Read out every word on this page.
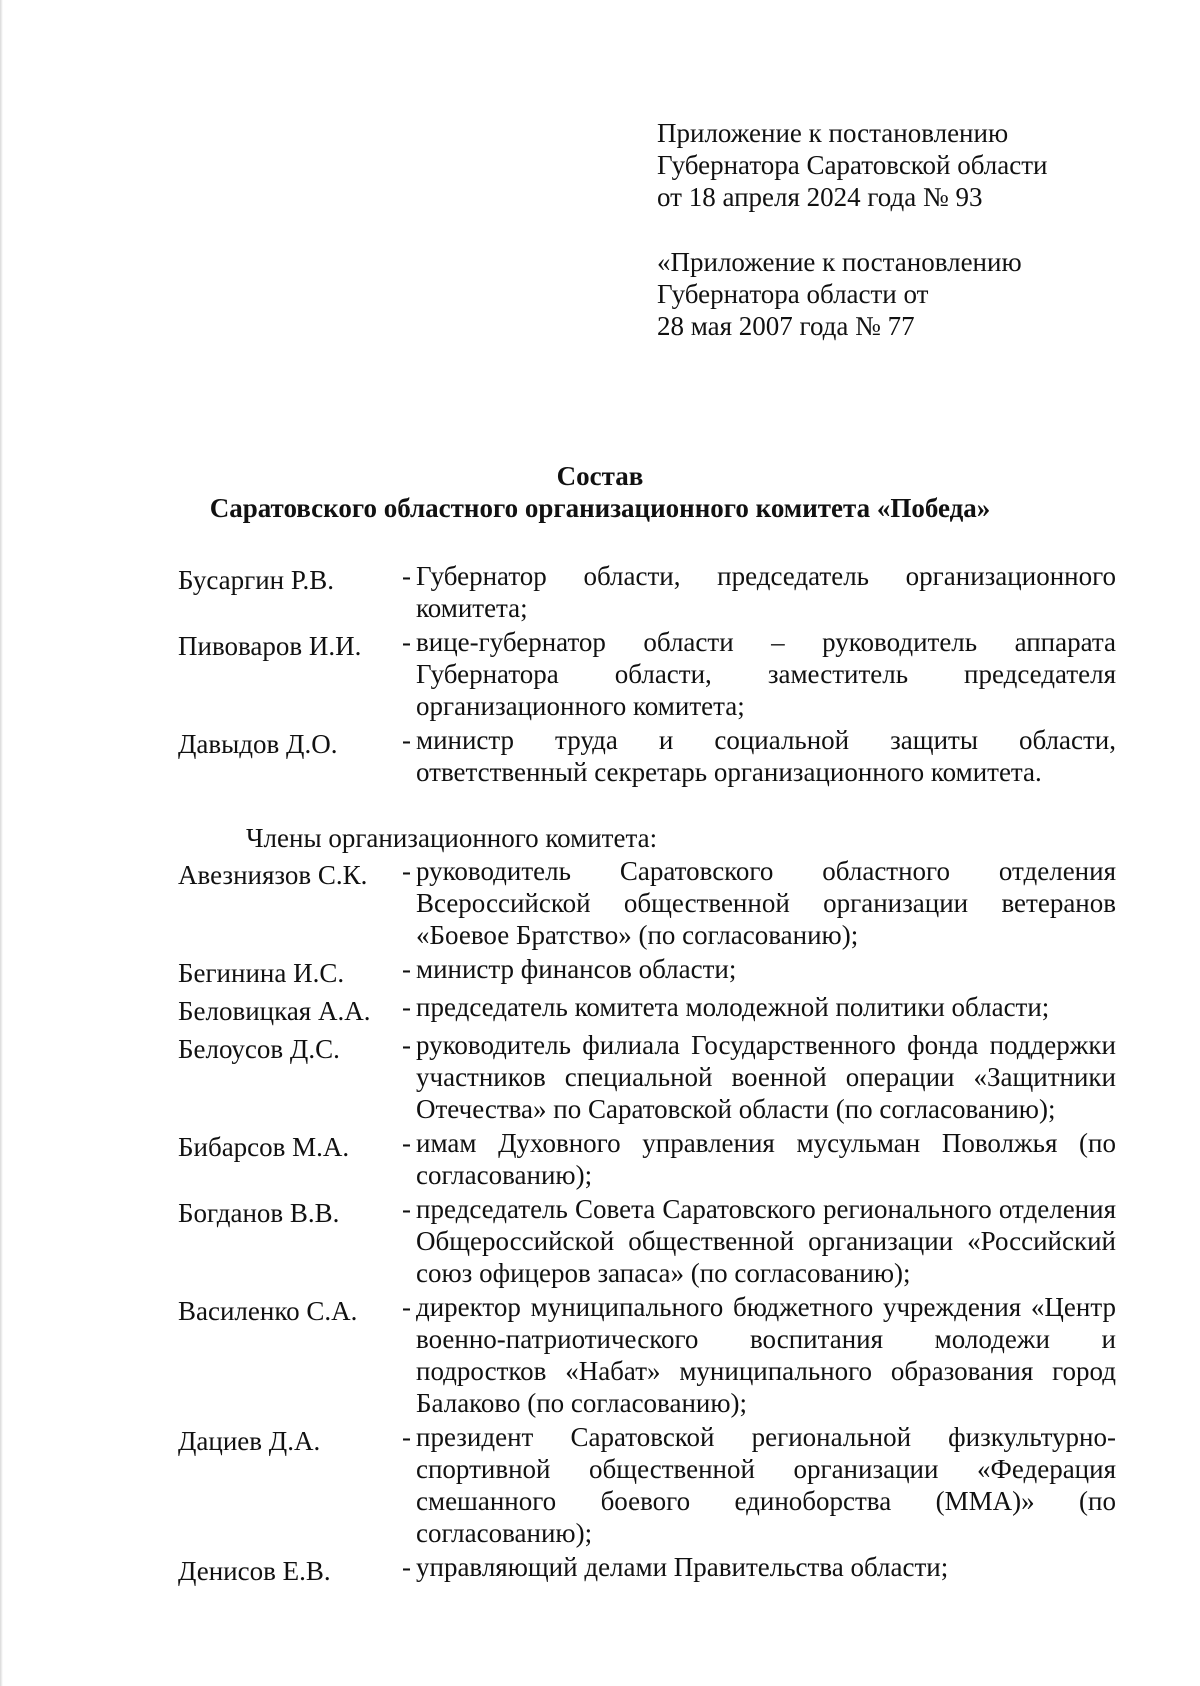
Приложение к постановлению
Губернатора Саратовской области
от 18 апреля 2024 года № 93
«Приложение к постановлению
Губернатора области от
28 мая 2007 года № 77
Состав
Саратовского областного организационного комитета «Победа»
Бусаргин Р.В.	- Губернатор области, председатель организационного комитета;
Пивоваров И.И.	- вице-губернатор области – руководитель аппарата Губернатора области, заместитель председателя организационного комитета;
Давыдов Д.О.	- министр труда и социальной защиты области, ответственный секретарь организационного комитета.
Члены организационного комитета:
Авезниязов С.К.	- руководитель Саратовского областного отделения Всероссийской общественной организации ветеранов «Боевое Братство» (по согласованию);
Бегинина И.С.	- министр финансов области;
Беловицкая А.А.	- председатель комитета молодежной политики области;
Белоусов Д.С.	- руководитель филиала Государственного фонда поддержки участников специальной военной операции «Защитники Отечества» по Саратовской области (по согласованию);
Бибарсов М.А.	- имам Духовного управления мусульман Поволжья (по согласованию);
Богданов В.В.	- председатель Совета Саратовского регионального отделения Общероссийской общественной организации «Российский союз офицеров запаса» (по согласованию);
Василенко С.А.	- директор муниципального бюджетного учреждения «Центр военно-патриотического воспитания молодежи и подростков «Набат» муниципального образования город Балаково (по согласованию);
Дациев Д.А.	- президент Саратовской региональной физкультурно-спортивной общественной организации «Федерация смешанного боевого единоборства (ММА)» (по согласованию);
Денисов Е.В.	- управляющий делами Правительства области;
